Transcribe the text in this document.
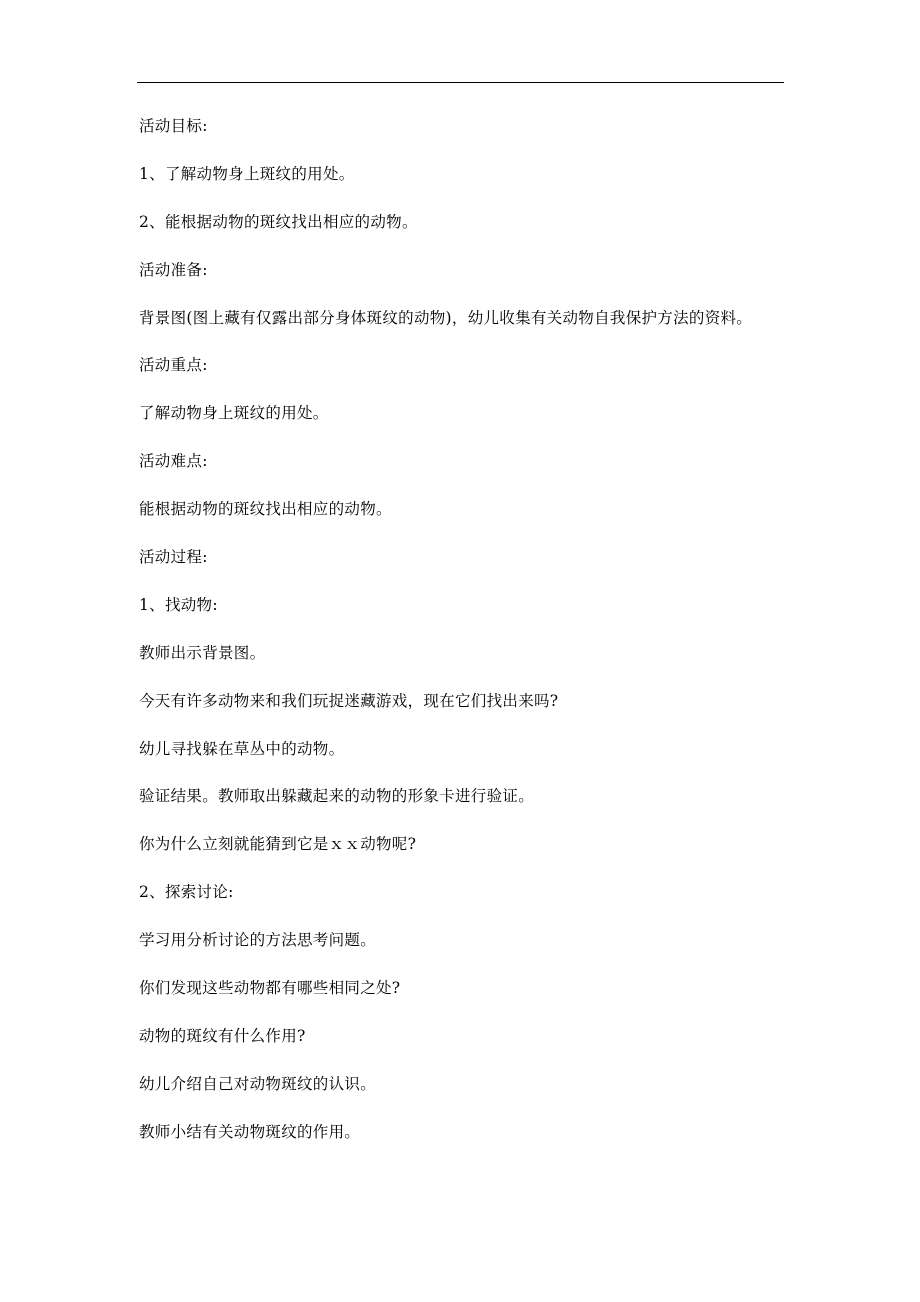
活动目标:
1、了解动物身上斑纹的用处。
2、能根据动物的斑纹找出相应的动物。
活动准备:
背景图(图上藏有仅露出部分身体斑纹的动物)，幼儿收集有关动物自我保护方法的资料。
活动重点:
了解动物身上斑纹的用处。
活动难点:
能根据动物的斑纹找出相应的动物。
活动过程:
1、找动物:
教师出示背景图。
今天有许多动物来和我们玩捉迷藏游戏，现在它们找出来吗?
幼儿寻找躲在草丛中的动物。
验证结果。教师取出躲藏起来的动物的形象卡进行验证。
你为什么立刻就能猜到它是ｘｘ动物呢?
2、探索讨论:
学习用分析讨论的方法思考问题。
你们发现这些动物都有哪些相同之处?
动物的斑纹有什么作用?
幼儿介绍自己对动物斑纹的认识。
教师小结有关动物斑纹的作用。
